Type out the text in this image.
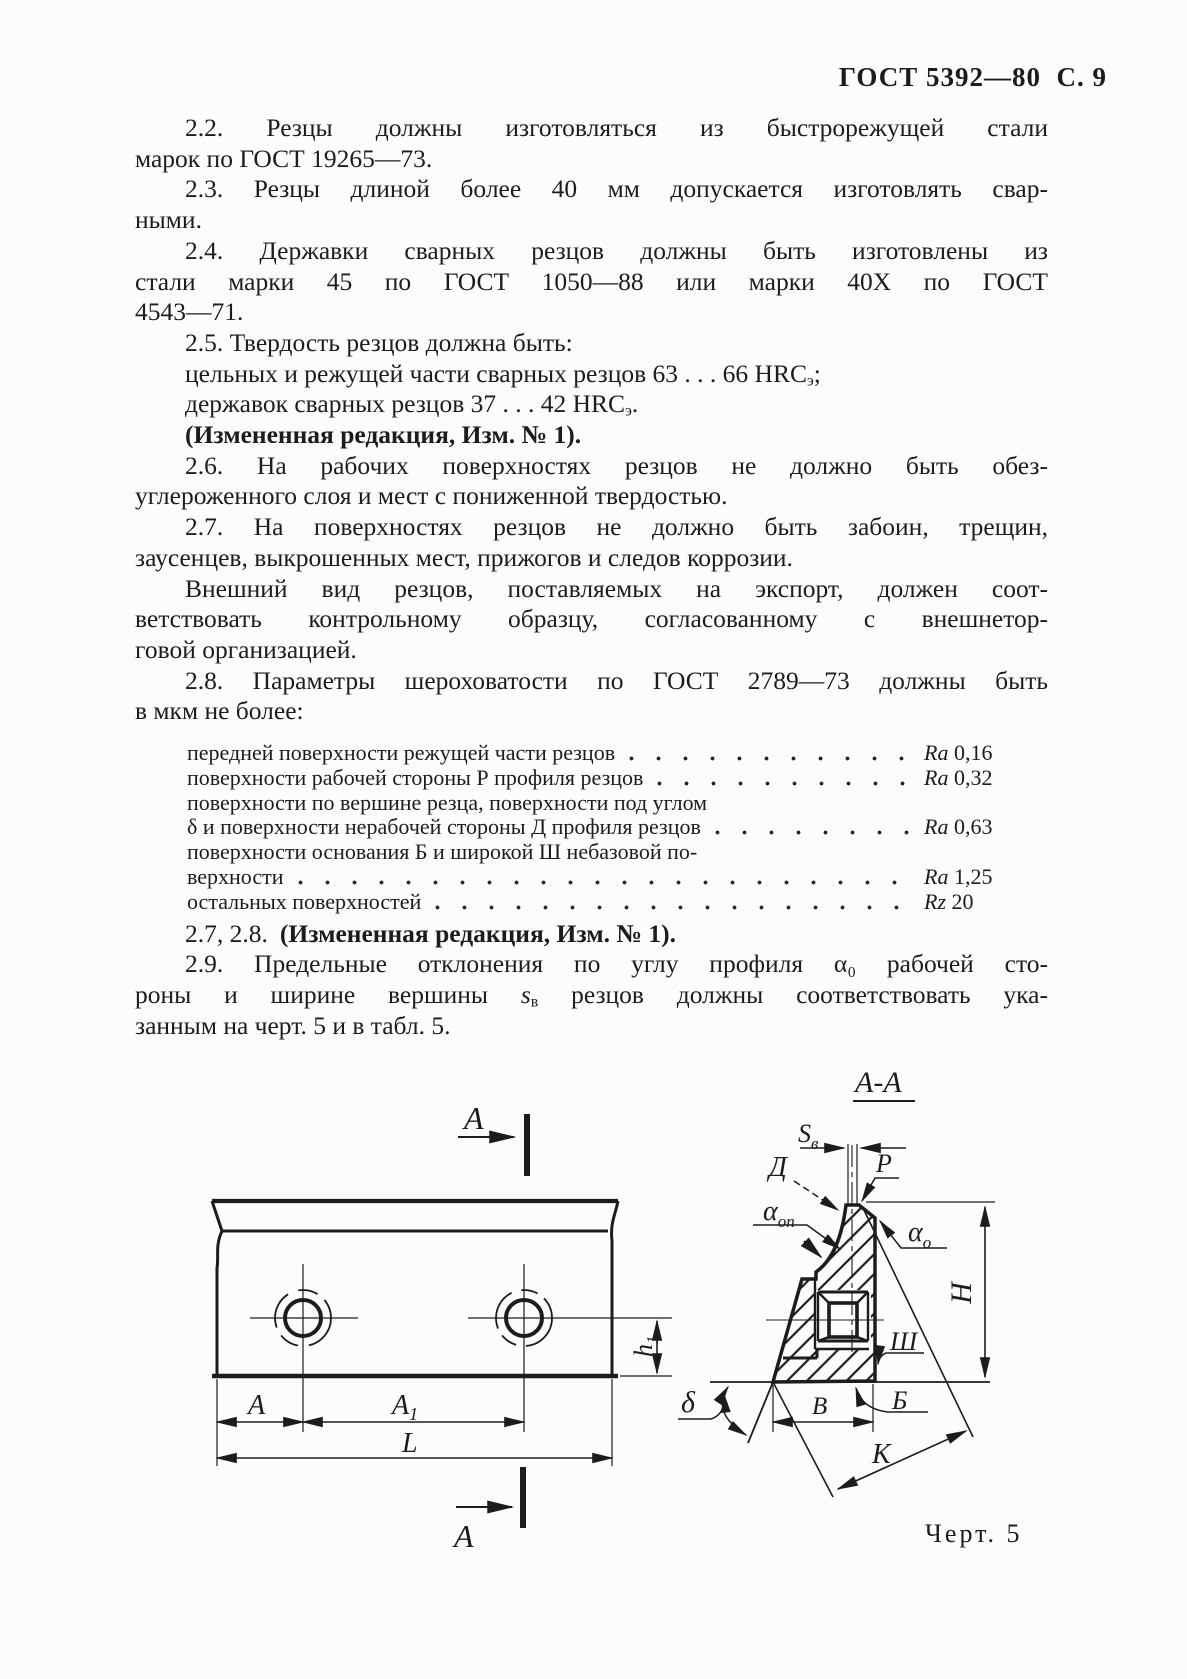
ГОСТ 5392—80  С. 9
2.2. Резцы должны изготовляться из быстрорежущей стали
марок по ГОСТ 19265—73.
2.3. Резцы длиной более 40 мм допускается изготовлять свар-
ными.
2.4. Державки сварных резцов должны быть изготовлены из
стали марки 45 по ГОСТ 1050—88 или марки 40Х по ГОСТ
4543—71.
2.5. Твердость резцов должна быть:
цельных и режущей части сварных резцов 63 . . . 66 $HRC_э$;
державок сварных резцов 37 . . . 42 $HRC_э$.
(Измененная редакция, Изм. № 1).
2.6. На рабочих поверхностях резцов не должно быть обез-
углероженного слоя и мест с пониженной твердостью.
2.7. На поверхностях резцов не должно быть забоин, трещин,
заусенцев, выкрошенных мест, прижогов и следов коррозии.
Внешний вид резцов, поставляемых на экспорт, должен соот-
ветствовать контрольному образцу, согласованному с внешнетор-
говой организацией.
2.8. Параметры шероховатости по ГОСТ 2789—73 должны быть
в мкм не более:
передней поверхности режущей части резцов	Ra 0,16
поверхности рабочей стороны Р профиля резцов	Ra 0,32
поверхности по вершине резца, поверхности под углом
δ и поверхности нерабочей стороны Д профиля резцов	Ra 0,63
поверхности основания Б и широкой Ш небазовой по-
верхности	Ra 1,25
остальных поверхностей	Rz 20
2.7, 2.8. (Измененная редакция, Изм. № 1).
2.9. Предельные отклонения по углу профиля α₀ рабочей сто-
роны и ширине вершины $s_в$ резцов должны соответствовать ука-
занным на черт. 5 и в табл. 5.
A
A
A	$A_1$
L
$h_1$
А-А
$S_в$
Д	Р
$\alpha_{оп}$	$\alpha_о$
Н
Ш
Б
В
К
δ
Черт. 5
